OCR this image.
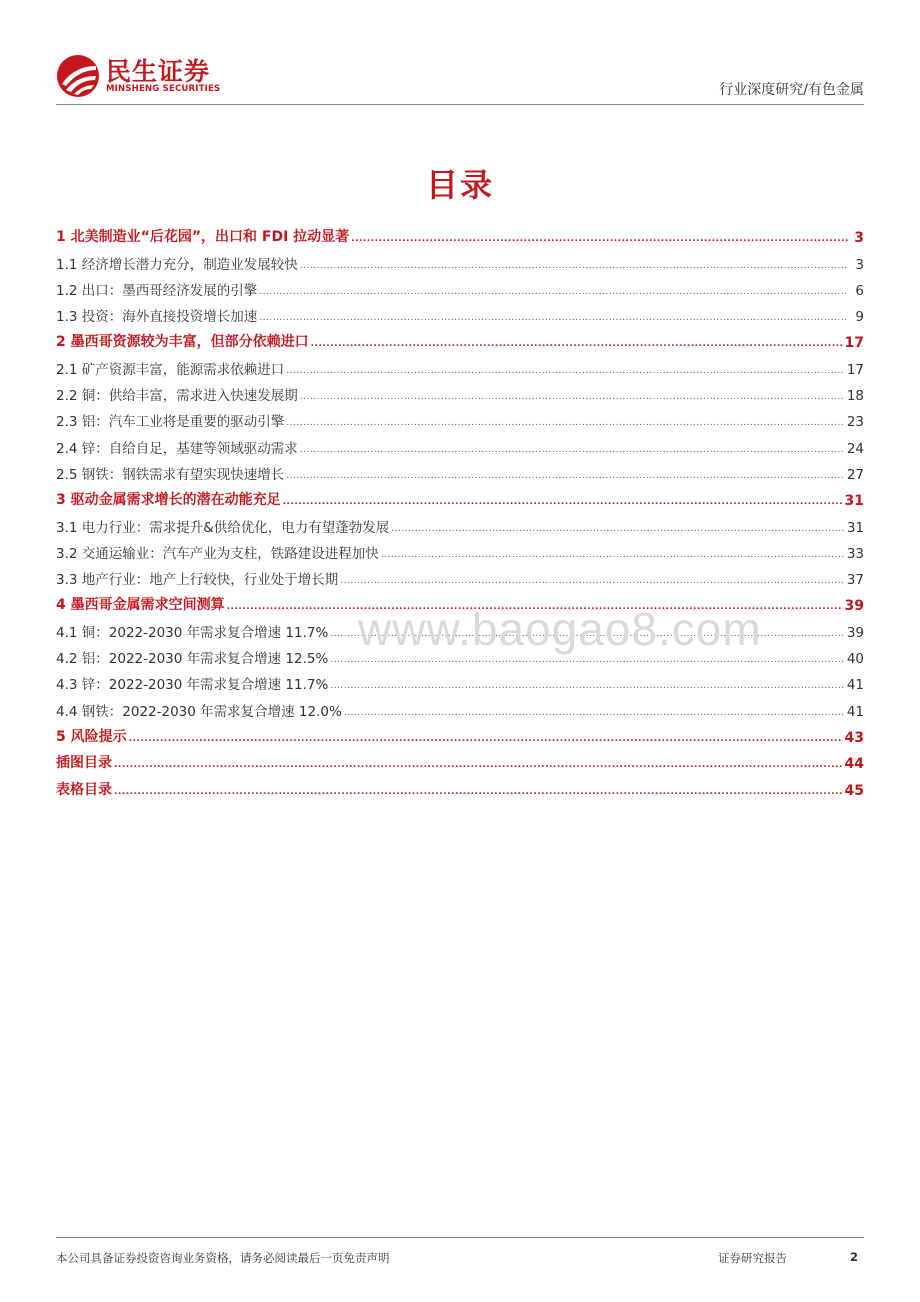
民生证券
MINSHENG SECURITIES	行业深度研究/有色金属
目录
1 北美制造业“后花园”，出口和 FDI 拉动显著 .....	3
1.1 经济增长潜力充分，制造业发展较快 .....	3
1.2 出口：墨西哥经济发展的引擎 .....	6
1.3 投资：海外直接投资增长加速 .....	9
2 墨西哥资源较为丰富，但部分依赖进口 .....	17
2.1 矿产资源丰富，能源需求依赖进口 .....	17
2.2 铜：供给丰富，需求进入快速发展期 .....	18
2.3 铝：汽车工业将是重要的驱动引擎 .....	23
2.4 锌：自给自足，基建等领域驱动需求 .....	24
2.5 钢铁：钢铁需求有望实现快速增长 .....	27
3 驱动金属需求增长的潜在动能充足 .....	31
3.1 电力行业：需求提升&供给优化，电力有望蓬勃发展 .....	31
3.2 交通运输业：汽车产业为支柱，铁路建设进程加快 .....	33
3.3 地产行业：地产上行较快，行业处于增长期 .....	37
4 墨西哥金属需求空间测算 .....	39
4.1 铜：2022-2030 年需求复合增速 11.7% .....	39
4.2 铝：2022-2030 年需求复合增速 12.5% .....	40
4.3 锌：2022-2030 年需求复合增速 11.7% .....	41
4.4 钢铁：2022-2030 年需求复合增速 12.0% .....	41
5 风险提示 .....	43
插图目录 .....	44
表格目录 .....	45
www.baogao8.com
本公司具备证券投资咨询业务资格，请务必阅读最后一页免责声明	证券研究报告	2
